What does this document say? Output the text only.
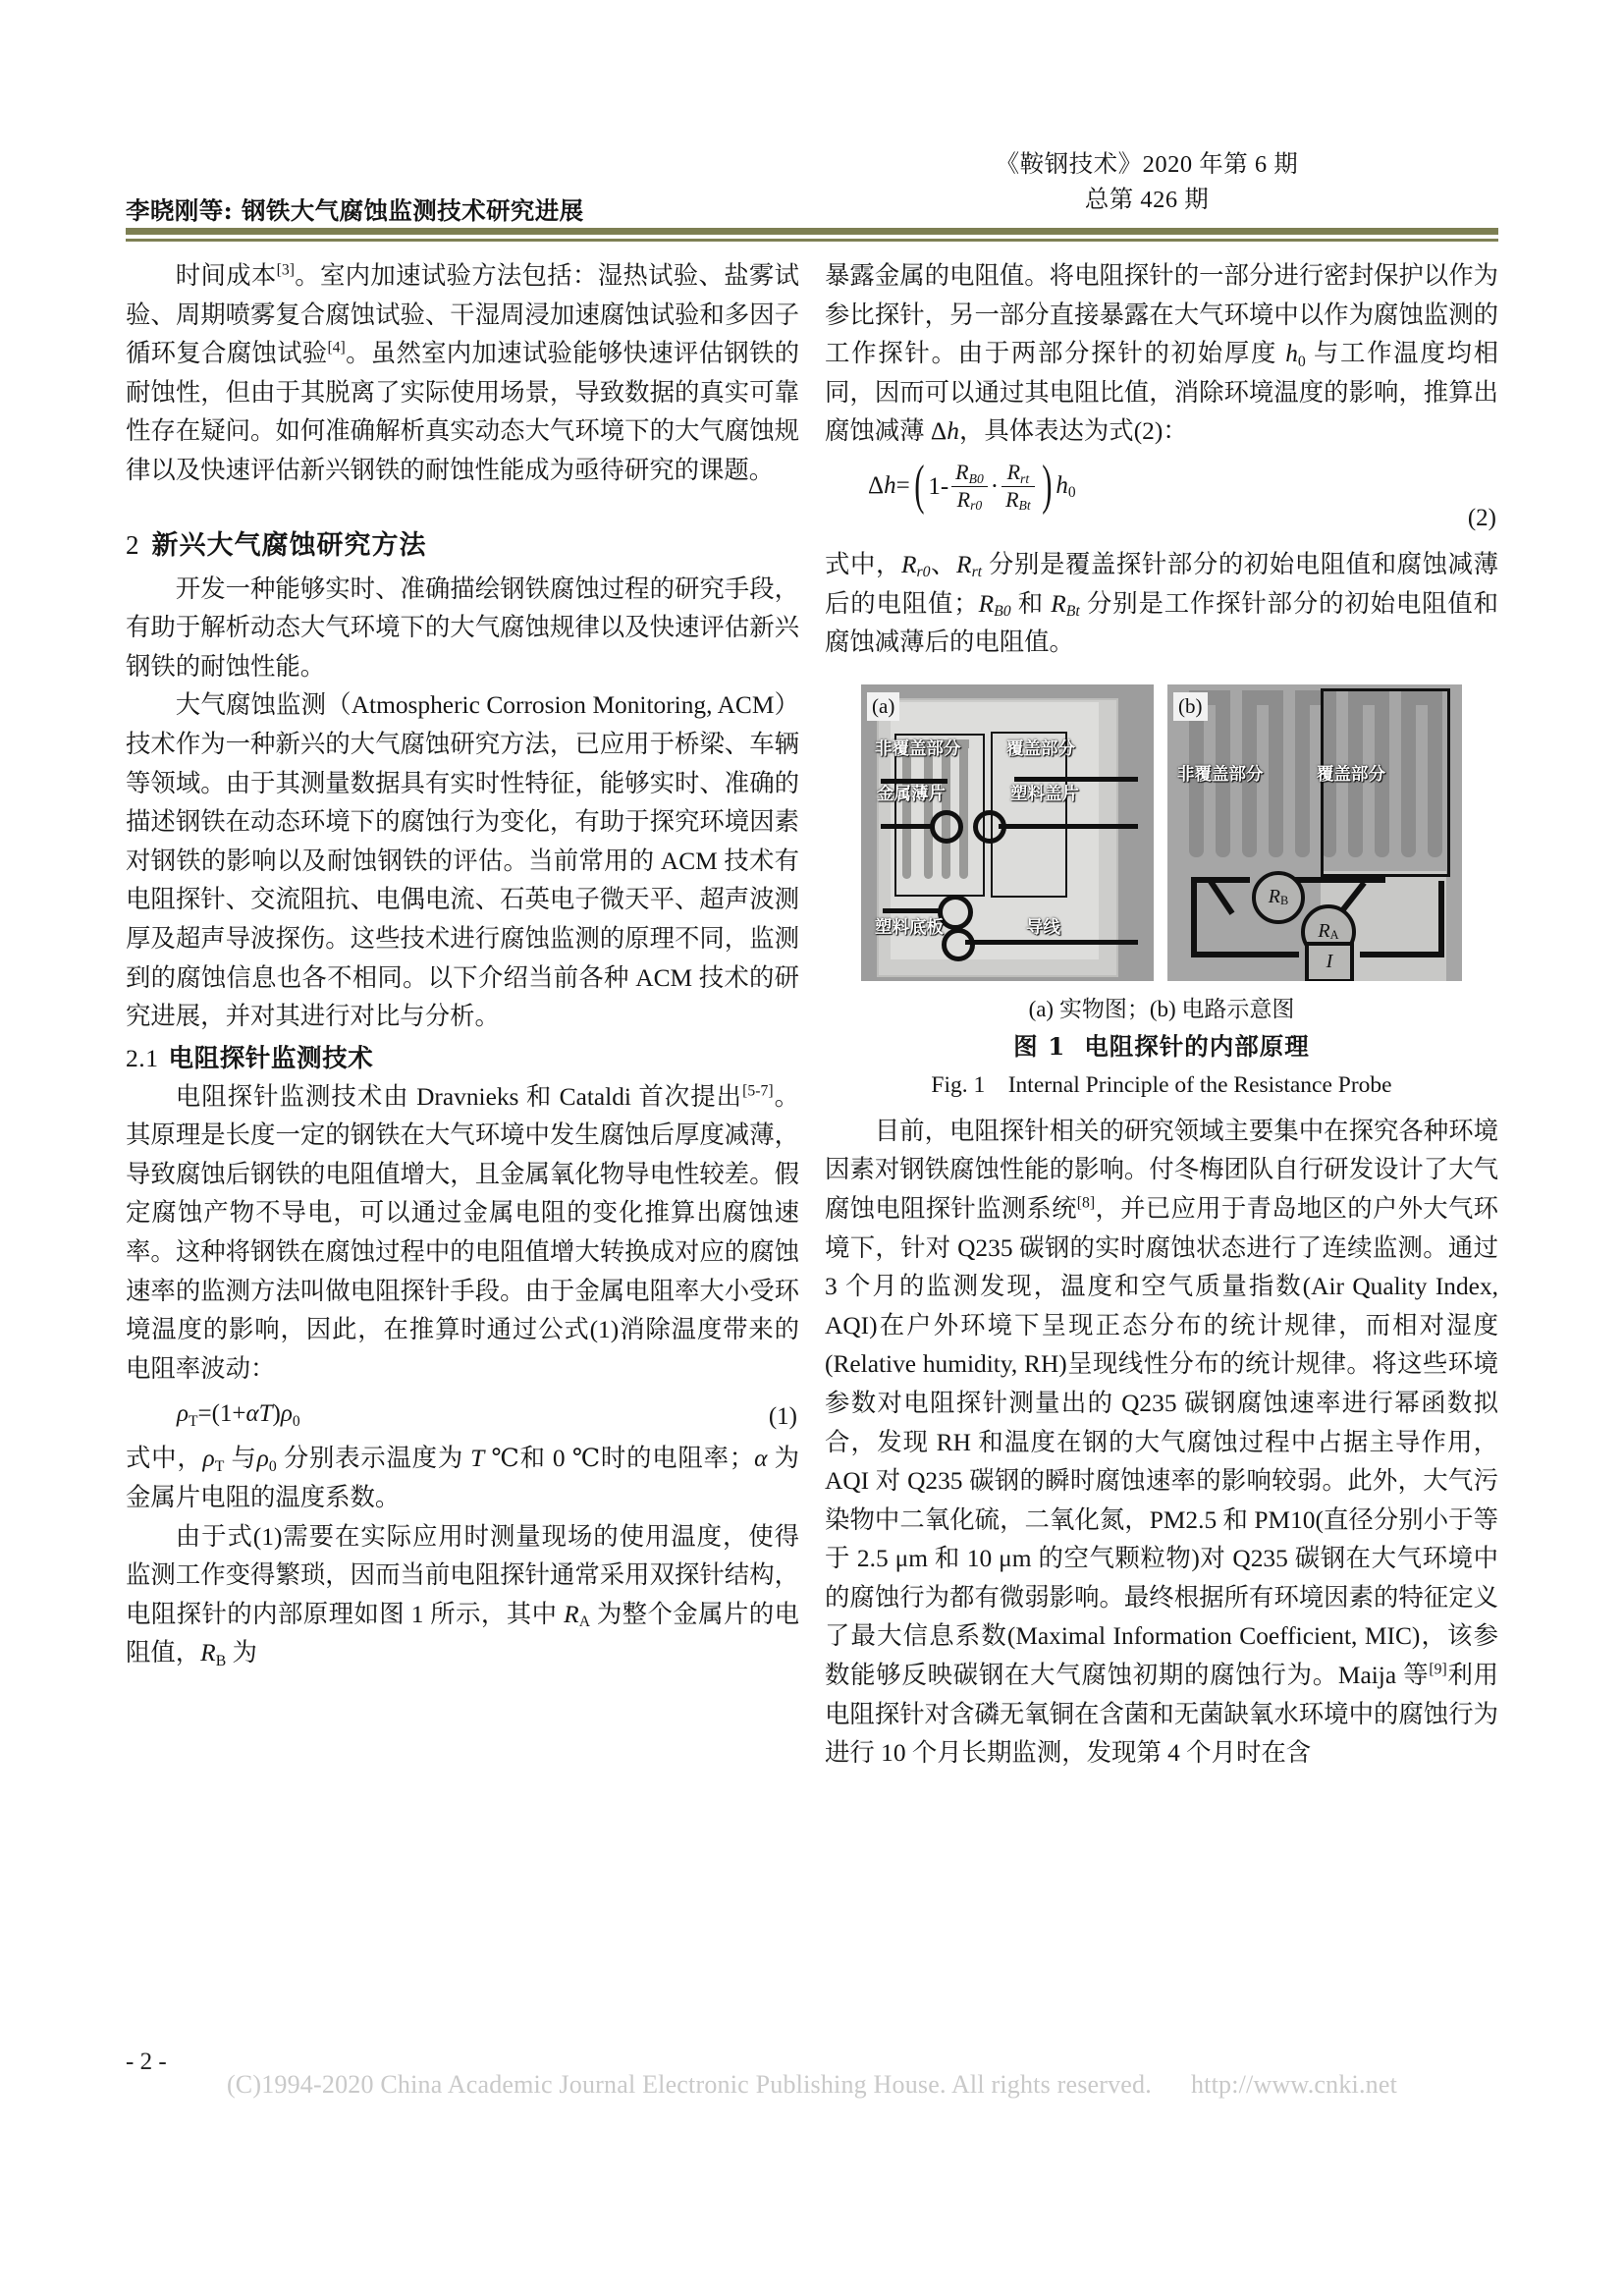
《鞍钢技术》2020 年第 6 期
总第 426 期
李晓刚等: 钢铁大气腐蚀监测技术研究进展

时间成本[3]。室内加速试验方法包括：湿热试验、盐雾试验、周期喷雾复合腐蚀试验、干湿周浸加速腐蚀试验和多因子循环复合腐蚀试验[4]。虽然室内加速试验能够快速评估钢铁的耐蚀性，但由于其脱离了实际使用场景，导致数据的真实可靠性存在疑问。如何准确解析真实动态大气环境下的大气腐蚀规律以及快速评估新兴钢铁的耐蚀性能成为亟待研究的课题。

2 新兴大气腐蚀研究方法

开发一种能够实时、准确描绘钢铁腐蚀过程的研究手段，有助于解析动态大气环境下的大气腐蚀规律以及快速评估新兴钢铁的耐蚀性能。

大气腐蚀监测（Atmospheric Corrosion Monitoring, ACM）技术作为一种新兴的大气腐蚀研究方法，已应用于桥梁、车辆等领域。由于其测量数据具有实时性特征，能够实时、准确的描述钢铁在动态环境下的腐蚀行为变化，有助于探究环境因素对钢铁的影响以及耐蚀钢铁的评估。当前常用的 ACM 技术有电阻探针、交流阻抗、电偶电流、石英电子微天平、超声波测厚及超声导波探伤。这些技术进行腐蚀监测的原理不同，监测到的腐蚀信息也各不相同。以下介绍当前各种 ACM 技术的研究进展，并对其进行对比与分析。

2.1 电阻探针监测技术

电阻探针监测技术由 Dravnieks 和 Cataldi 首次提出[5-7]。其原理是长度一定的钢铁在大气环境中发生腐蚀后厚度减薄，导致腐蚀后钢铁的电阻值增大，且金属氧化物导电性较差。假定腐蚀产物不导电，可以通过金属电阻的变化推算出腐蚀速率。这种将钢铁在腐蚀过程中的电阻值增大转换成对应的腐蚀速率的监测方法叫做电阻探针手段。由于金属电阻率大小受环境温度的影响，因此，在推算时通过公式(1)消除温度带来的电阻率波动：

$\rho_T=(1+\alpha T)\rho_0$	(1)

式中，$\rho_T$ 与$\rho_0$ 分别表示温度为 T ℃和 0 ℃时的电阻率；α 为金属片电阻的温度系数。

由于式(1)需要在实际应用时测量现场的使用温度，使得监测工作变得繁琐，因而当前电阻探针通常采用双探针结构，电阻探针的内部原理如图 1 所示，其中 $R_A$ 为整个金属片的电阻值，$R_B$ 为

暴露金属的电阻值。将电阻探针的一部分进行密封保护以作为参比探针，另一部分直接暴露在大气环境中以作为腐蚀监测的工作探针。由于两部分探针的初始厚度 $h_0$ 与工作温度均相同，因而可以通过其电阻比值，消除环境温度的影响，推算出腐蚀减薄 Δh，具体表达为式(2)：

Δh=( $1- \frac{R_{B0}}{R_{r0}} \cdot \frac{R_{rt}}{R_{Bt}}$ ) $h_0$
(2)

式中，$R_{r0}$、$R_{rt}$ 分别是覆盖探针部分的初始电阻值和腐蚀减薄后的电阻值；$R_{B0}$ 和 $R_{Bt}$ 分别是工作探针部分的初始电阻值和腐蚀减薄后的电阻值。

(a)
非覆盖部分	覆盖部分
金属薄片	塑料盖片
塑料底板	导线
$R_B$
$R_A$
I
(b)
非覆盖部分	覆盖部分
(a) 实物图；(b) 电路示意图
图 1 电阻探针的内部原理
Fig. 1　Internal Principle of the Resistance Probe

目前，电阻探针相关的研究领域主要集中在探究各种环境因素对钢铁腐蚀性能的影响。付冬梅团队自行研发设计了大气腐蚀电阻探针监测系统[8]，并已应用于青岛地区的户外大气环境下，针对 Q235 碳钢的实时腐蚀状态进行了连续监测。通过 3 个月的监测发现，温度和空气质量指数(Air Quality Index, AQI)在户外环境下呈现正态分布的统计规律，而相对湿度(Relative humidity, RH)呈现线性分布的统计规律。将这些环境参数对电阻探针测量出的 Q235 碳钢腐蚀速率进行幂函数拟合，发现 RH 和温度在钢的大气腐蚀过程中占据主导作用，AQI 对 Q235 碳钢的瞬时腐蚀速率的影响较弱。此外，大气污染物中二氧化硫，二氧化氮，PM2.5 和 PM10(直径分别小于等于 2.5 μm 和 10 μm 的空气颗粒物)对 Q235 碳钢在大气环境中的腐蚀行为都有微弱影响。最终根据所有环境因素的特征定义了最大信息系数(Maximal Information Coefficient, MIC)，该参数能够反映碳钢在大气腐蚀初期的腐蚀行为。Maija 等[9]利用电阻探针对含磷无氧铜在含菌和无菌缺氧水环境中的腐蚀行为进行 10 个月长期监测，发现第 4 个月时在含

- 2 -
(C)1994-2020 China Academic Journal Electronic Publishing House. All rights reserved. http://www.cnki.net
